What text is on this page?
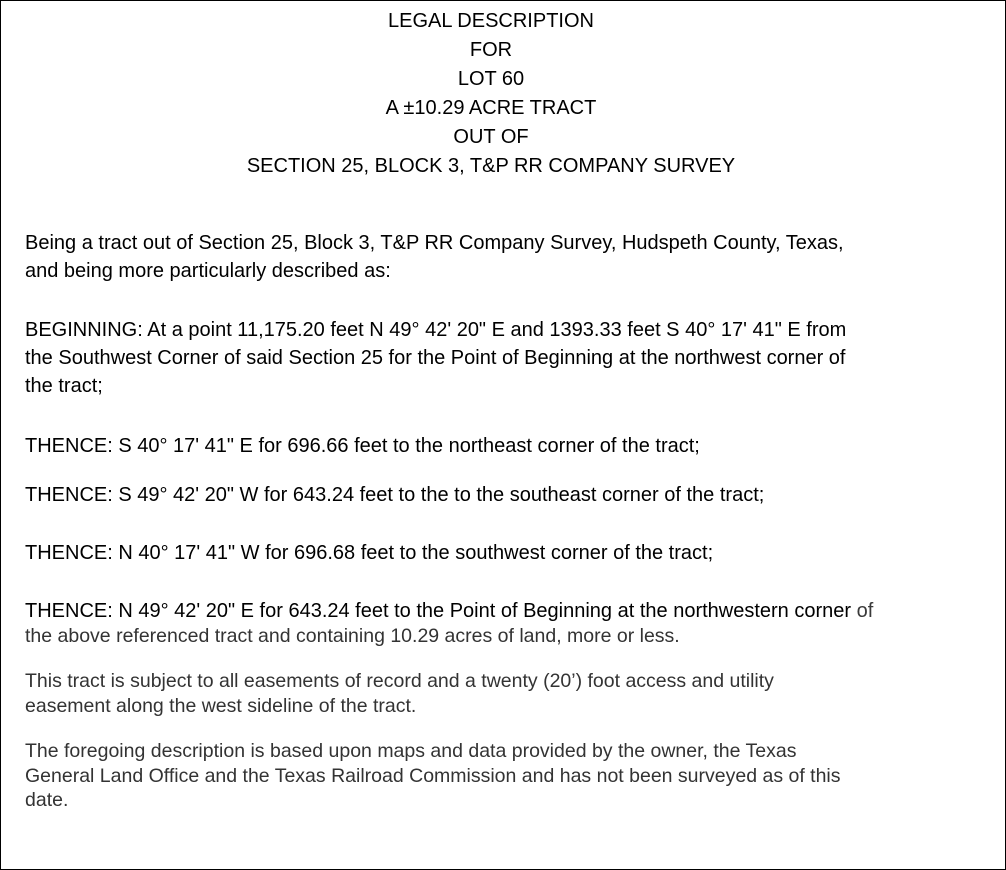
LEGAL DESCRIPTION
FOR
LOT 60
A ±10.29 ACRE TRACT
OUT OF
SECTION 25, BLOCK 3, T&P RR COMPANY SURVEY
Being a tract out of Section 25, Block 3, T&P RR Company Survey, Hudspeth County, Texas,
and being more particularly described as:
BEGINNING: At a point 11,175.20 feet N 49° 42' 20" E and 1393.33 feet S 40° 17' 41" E from
the Southwest Corner of said Section 25 for the Point of Beginning at the northwest corner of
the tract;
THENCE: S 40° 17' 41" E for 696.66 feet to the northeast corner of the tract;
THENCE: S 49° 42' 20" W for 643.24 feet to the to the southeast corner of the tract;
THENCE: N 40° 17' 41" W for 696.68 feet to the southwest corner of the tract;
THENCE: N 49° 42' 20" E for 643.24 feet to the Point of Beginning at the northwestern corner of
the above referenced tract and containing 10.29 acres of land, more or less.
This tract is subject to all easements of record and a twenty (20’) foot access and utility
easement along the west sideline of the tract.
The foregoing description is based upon maps and data provided by the owner, the Texas
General Land Office and the Texas Railroad Commission and has not been surveyed as of this
date.
